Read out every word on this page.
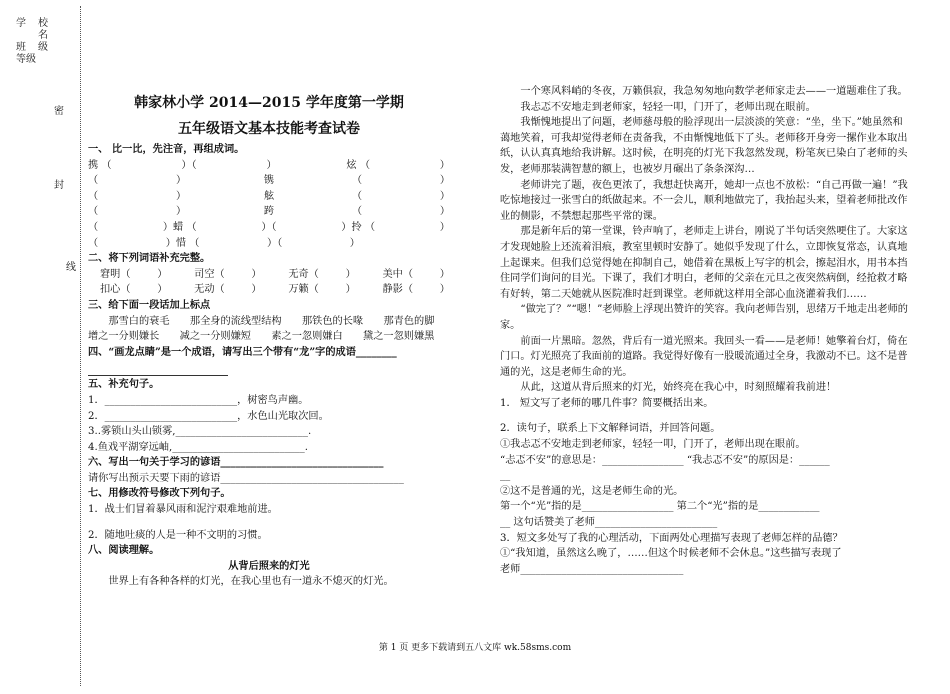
学
班
等级
校
名
级
密
封
线
韩家林小学 2014—2015 学年度第一学期
五年级语文基本技能考查试卷

一、 比一比，先注音，再组成词。

携 （	）（	）	炫 （	）
（	）	镌	（	）
（	）	舷	（	）
（	）	跨	（	）
（	）蜡 （	）（	）拎 （	）
（	）惜 （	）（	）

二、将下列词语补充完整。

窘明（	）	司空（	）	无奇（	）	美中（	）
扣心（	）	无动（	）	万籁（	）	静影（	）

三、给下面一段话加上标点

那雪白的衰毛　　那全身的流线型结构　　那铁色的长喙　　那青色的脚　　增之一分则嫌长　　减之一分则嫌短　　素之一忽则嫌白　　黛之一忽则嫌黑

四、“画龙点睛”是一个成语，请写出三个带有“龙”字的成语________

五、补充句子。

1．__________________________，树密鸟声幽。

2．__________________________，水色山光取次回。

3..雾锁山头山锁雾,__________________________.

4.鱼戏平湖穿远岫,__________________________.

六、写出一句关于学习的谚语________________________________

请你写出预示天要下雨的谚语____________________________________

七、用修改符号修改下列句子。

1．战士们冒着暴风雨和泥泞艰难地前进。

2．随地吐痰的人是一种不文明的习惯。

八、阅读理解。

从背后照来的灯光

世界上有各种各样的灯光，在我心里也有一道永不熄灭的灯光。

一个寒风料峭的冬夜，万籁俱寂，我急匆匆地向数学老师家走去——一道题难住了我。

我忐忑不安地走到老师家，轻轻一叩，门开了，老师出现在眼前。

我惭愧地提出了问题，老师慈母般的脸浮现出一层淡淡的笑意：“坐，坐下。”她虽然和蔼地笑着，可我却觉得老师在责备我，不由惭愧地低下了头。老师移开身旁一摞作业本取出纸，认认真真地给我讲解。这时候，在明亮的灯光下我忽然发现，粉笔灰已染白了老师的头发，老师那装满智慧的额上，也被岁月碾出了条条深沟…

老师讲完了题，夜色更浓了，我想赶快离开，她却一点也不放松：“自己再做一遍！”我吃惊地接过一张雪白的纸做起来。不一会儿，顺利地做完了，我抬起头来，望着老师批改作业的侧影，不禁想起那些平常的课。

那是新年后的第一堂课，铃声响了，老师走上讲台，刚说了半句话突然哽住了。大家这才发现她脸上还流着泪痕，教室里顿时安静了。她似乎发现了什么，立即恢复常态，认真地上起课来。但我们总觉得她在抑制自己，她借着在黑板上写字的机会，擦起泪水，用书本挡住同学们询问的目光。下课了，我们才明白，老师的父亲在元旦之夜突然病倒，经抢救才略有好转，第二天她就从医院准时赶到课堂。老师就这样用全部心血浇灌着我们……

“做完了？”“嗯！”老师脸上浮现出赞许的笑容。我向老师告别，思绪万千地走出老师的家。

前面一片黑暗。忽然，背后有一道光照来。我回头一看——是老师！她擎着台灯，倚在门口。灯光照亮了我面前的道路。我觉得好像有一股暖流通过全身，我激动不已。这不是普通的光，这是老师生命的光。

从此，这道从背后照来的灯光，始终亮在我心中，时刻照耀着我前进！

1． 短文写了老师的哪几件事？简要概括出来。

2．读句子，联系上下文解释词语，并回答问题。

①我忐忑不安地走到老师家，轻轻一叩，门开了，老师出现在眼前。

“忐忑不安”的意思是：________________ “我忐忑不安”的原因是：______

__

②这不是普通的光，这是老师生命的光。

第一个“光”指的是__________________ 第二个“光”指的是____________

__ 这句话赞美了老师________________________

3．短文多处写了我的心理活动，下面两处心理描写表现了老师怎样的品德？

①“我知道，虽然这么晚了，……但这个时候老师不会休息。”这些描写表现了

老师________________________________

第 1 页 更多下载请到五八文库 wk.58sms.com
